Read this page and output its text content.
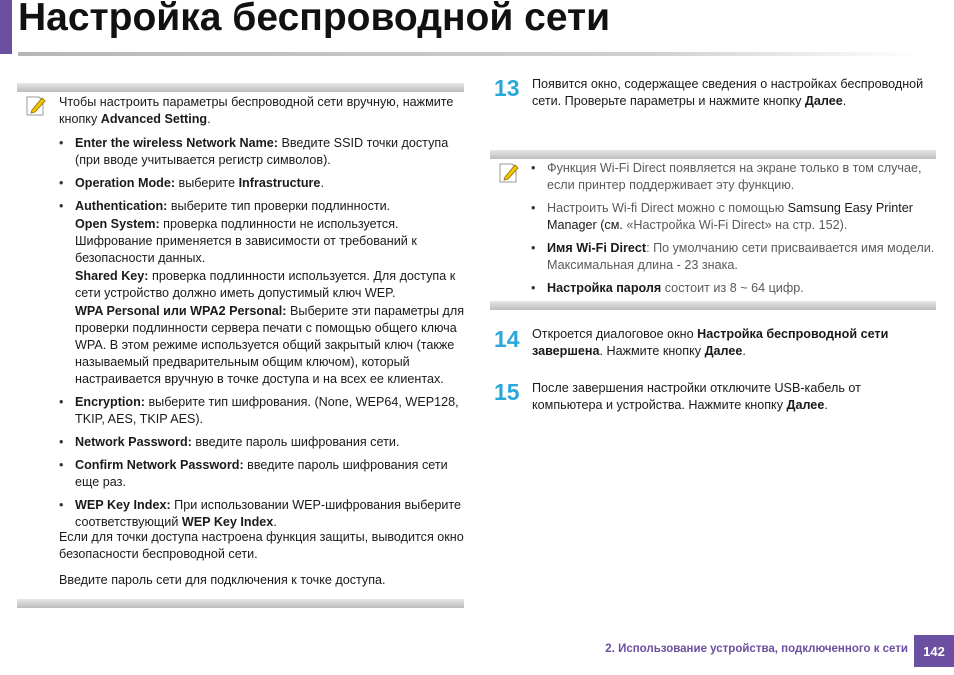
Настройка беспроводной сети
Чтобы настроить параметры беспроводной сети вручную, нажмите кнопку Advanced Setting.
• Enter the wireless Network Name: Введите SSID точки доступа (при вводе учитывается регистр символов).
• Operation Mode: выберите Infrastructure.

• Authentication: выберите тип проверки подлинности.

Open System: проверка подлинности не используется. Шифрование применяется в зависимости от требований к безопасности данных.

Shared Key: проверка подлинности используется. Для доступа к сети устройство должно иметь допустимый ключ WEP.

WPA Personal или WPA2 Personal: Выберите эти параметры для проверки подлинности сервера печати с помощью общего ключа WPA. В этом режиме используется общий закрытый ключ (также называемый предварительным общим ключом), который настраивается вручную в точке доступа и на всех ее клиентах.

• Encryption: выберите тип шифрования. (None, WEP64, WEP128, TKIP, AES, TKIP AES).
• Network Password: введите пароль шифрования сети.
• Confirm Network Password: введите пароль шифрования сети еще раз.
• WEP Key Index: При использовании WEP-шифрования выберите соответствующий WEP Key Index.
Если для точки доступа настроена функция защиты, выводится окно безопасности беспроводной сети.
Введите пароль сети для подключения к точке доступа.
13 Появится окно, содержащее сведения о настройках беспроводной сети. Проверьте параметры и нажмите кнопку Далее.
• Функция Wi-Fi Direct появляется на экране только в том случае, если принтер поддерживает эту функцию.
• Настроить Wi-fi Direct можно с помощью Samsung Easy Printer Manager (см. «Настройка Wi-Fi Direct» на стр. 152).
• Имя Wi-Fi Direct: По умолчанию сети присваивается имя модели. Максимальная длина - 23 знака.
• Настройка пароля состоит из 8 ~ 64 цифр.
14 Откроется диалоговое окно Настройка беспроводной сети завершена. Нажмите кнопку Далее.
15 После завершения настройки отключите USB-кабель от компьютера и устройства. Нажмите кнопку Далее.
2. Использование устройства, подключенного к сети	142
